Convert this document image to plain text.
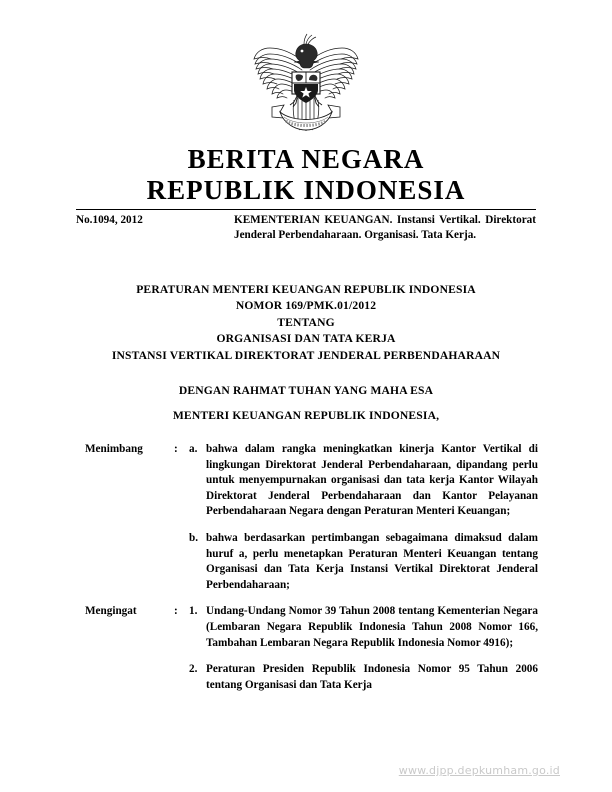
BERITA NEGARA
REPUBLIK INDONESIA
No.1094, 2012	KEMENTERIAN KEUANGAN. Instansi Vertikal. Direktorat Jenderal Perbendaharaan. Organisasi. Tata Kerja.
PERATURAN MENTERI KEUANGAN REPUBLIK INDONESIA
NOMOR 169/PMK.01/2012
TENTANG
ORGANISASI DAN TATA KERJA
INSTANSI VERTIKAL DIREKTORAT JENDERAL PERBENDAHARAAN
DENGAN RAHMAT TUHAN YANG MAHA ESA
MENTERI KEUANGAN REPUBLIK INDONESIA,
Menimbang	:	a. bahwa dalam rangka meningkatkan kinerja Kantor Vertikal di lingkungan Direktorat Jenderal Perbendaharaan, dipandang perlu untuk menyempurnakan organisasi dan tata kerja Kantor Wilayah Direktorat Jenderal Perbendaharaan dan Kantor Pelayanan Perbendaharaan Negara dengan Peraturan Menteri Keuangan;
b. bahwa berdasarkan pertimbangan sebagaimana dimaksud dalam huruf a, perlu menetapkan Peraturan Menteri Keuangan tentang Organisasi dan Tata Kerja Instansi Vertikal Direktorat Jenderal Perbendaharaan;
Mengingat	:	1. Undang-Undang Nomor 39 Tahun 2008 tentang Kementerian Negara (Lembaran Negara Republik Indonesia Tahun 2008 Nomor 166, Tambahan Lembaran Negara Republik Indonesia Nomor 4916);
2. Peraturan Presiden Republik Indonesia Nomor 95 Tahun 2006 tentang Organisasi dan Tata Kerja
www.djpp.depkumham.go.id
